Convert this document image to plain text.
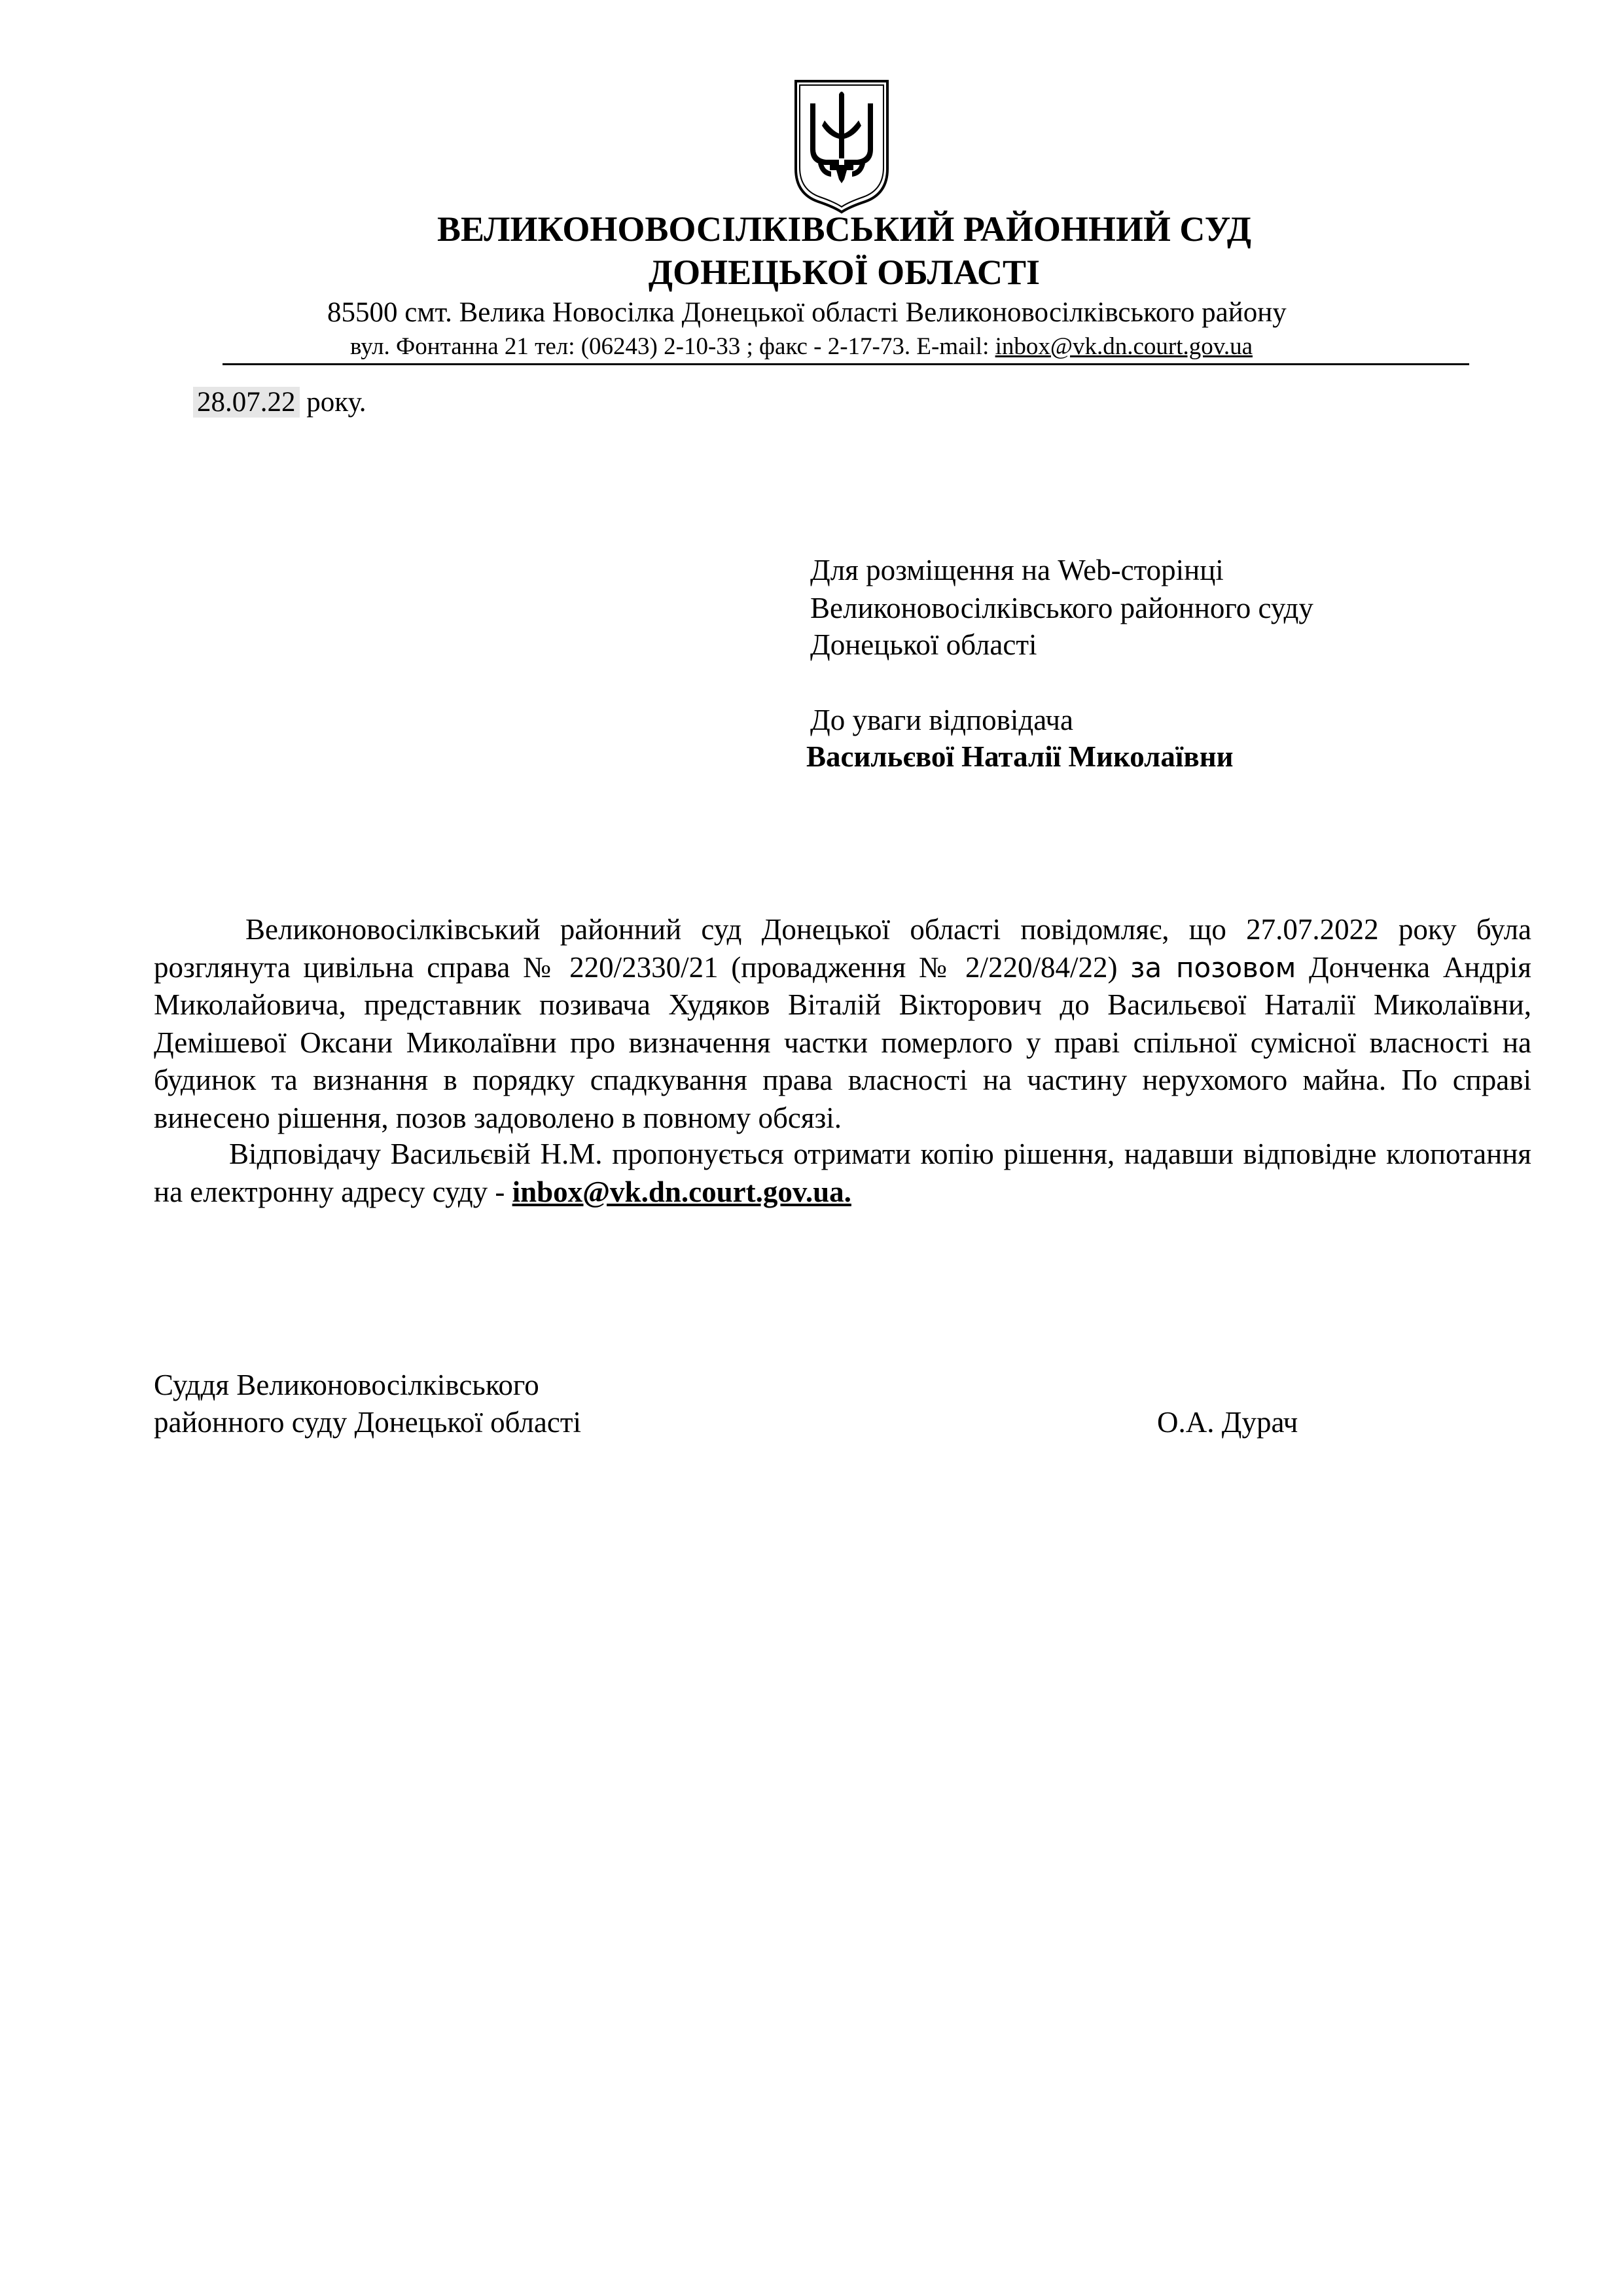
ВЕЛИКОНОВОСІЛКІВСЬКИЙ РАЙОННИЙ СУД
ДОНЕЦЬКОЇ ОБЛАСТІ
85500 смт. Велика Новосілка Донецької області Великоновосілківського району
вул. Фонтанна 21 тел: (06243) 2-10-33 ; факс - 2-17-73. E-mail: inbox@vk.dn.court.gov.ua
28.07.22 року.
Для розміщення на Web-сторінці
Великоновосілківського районного суду
Донецької області
До уваги відповідача
Васильєвої Наталії Миколаївни

Великоновосілківський районний суд Донецької області повідомляє, що 27.07.2022 року була розглянута цивільна справа № 220/2330/21 (провадження № 2/220/84/22) за позовом Донченка Андрія Миколайовича, представник позивача Худяков Віталій Вікторович до Васильєвої Наталії Миколаївни, Демішевої Оксани Миколаївни про визначення частки померлого у праві спільної сумісної власності на будинок та визнання в порядку спадкування права власності на частину нерухомого майна. По справі винесено рішення, позов задоволено в повному обсязі.

Відповідачу Васильєвій Н.М. пропонується отримати копію рішення, надавши відповідне клопотання на електронну адресу суду - inbox@vk.dn.court.gov.ua.

Суддя Великоновосілківського
районного суду Донецької області	О.А. Дурач
